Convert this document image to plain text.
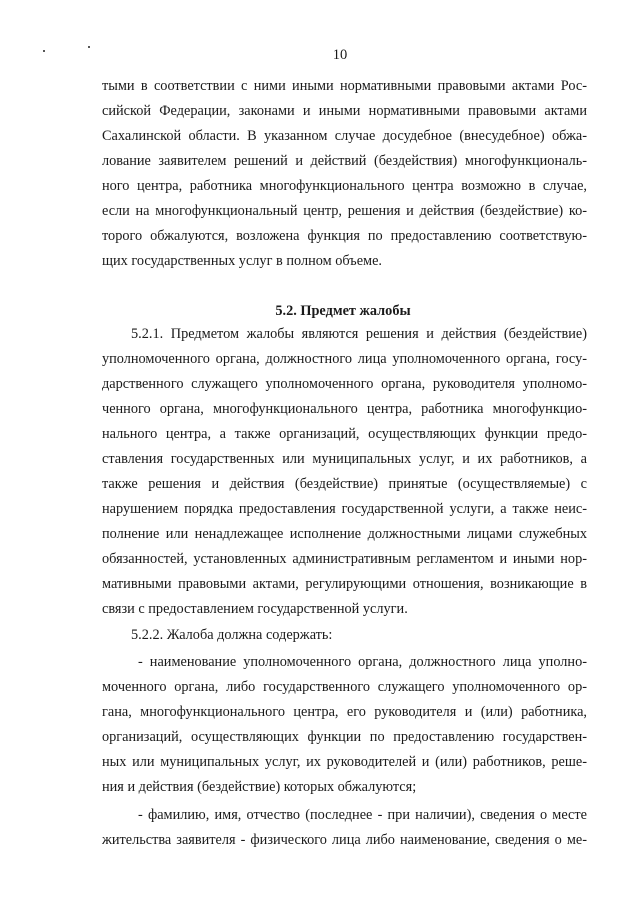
10
тыми в соответствии с ними иными нормативными правовыми актами Рос-
сийской Федерации, законами и иными нормативными правовыми актами
Сахалинской области. В указанном случае досудебное (внесудебное) обжа-
лование заявителем решений и действий (бездействия) многофункциональ-
ного центра, работника многофункционального центра возможно в случае,
если на многофункциональный центр, решения и действия (бездействие) ко-
торого обжалуются, возложена функция по предоставлению соответствую-
щих государственных услуг в полном объеме.
5.2. Предмет жалобы
5.2.1. Предметом жалобы являются решения и действия (бездействие)
уполномоченного органа, должностного лица уполномоченного органа, госу-
дарственного служащего уполномоченного органа, руководителя уполномо-
ченного органа, многофункционального центра, работника многофункцио-
нального центра, а также организаций, осуществляющих функции предо-
ставления государственных или муниципальных услуг, и их работников, а
также решения и действия (бездействие) принятые (осуществляемые) с
нарушением порядка предоставления государственной услуги, а также неис-
полнение или ненадлежащее исполнение должностными лицами служебных
обязанностей, установленных административным регламентом и иными нор-
мативными правовыми актами, регулирующими отношения, возникающие в
связи с предоставлением государственной услуги.
5.2.2. Жалоба должна содержать:
- наименование уполномоченного органа, должностного лица уполно-
моченного органа, либо государственного служащего уполномоченного ор-
гана, многофункционального центра, его руководителя и (или) работника,
организаций, осуществляющих функции по предоставлению государствен-
ных или муниципальных услуг, их руководителей и (или) работников, реше-
ния и действия (бездействие) которых обжалуются;
- фамилию, имя, отчество (последнее - при наличии), сведения о месте
жительства заявителя - физического лица либо наименование, сведения о ме-
